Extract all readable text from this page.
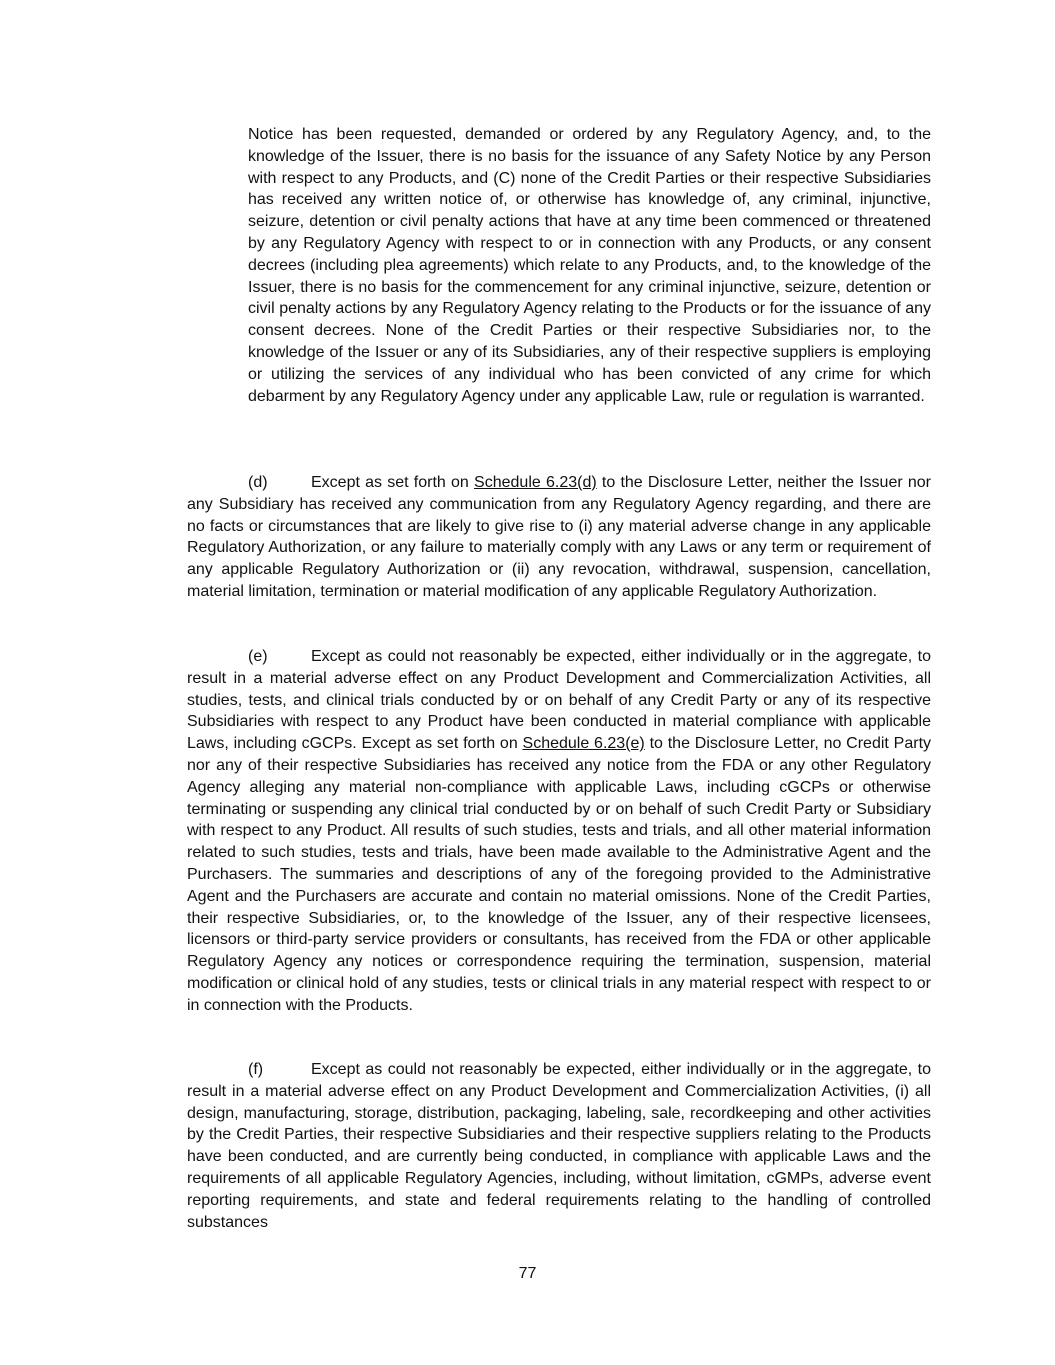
Notice has been requested, demanded or ordered by any Regulatory Agency, and, to the knowledge of the Issuer, there is no basis for the issuance of any Safety Notice by any Person with respect to any Products, and (C) none of the Credit Parties or their respective Subsidiaries has received any written notice of, or otherwise has knowledge of, any criminal, injunctive, seizure, detention or civil penalty actions that have at any time been commenced or threatened by any Regulatory Agency with respect to or in connection with any Products, or any consent decrees (including plea agreements) which relate to any Products, and, to the knowledge of the Issuer, there is no basis for the commencement for any criminal injunctive, seizure, detention or civil penalty actions by any Regulatory Agency relating to the Products or for the issuance of any consent decrees. None of the Credit Parties or their respective Subsidiaries nor, to the knowledge of the Issuer or any of its Subsidiaries, any of their respective suppliers is employing or utilizing the services of any individual who has been convicted of any crime for which debarment by any Regulatory Agency under any applicable Law, rule or regulation is warranted.

(d)	Except as set forth on Schedule 6.23(d) to the Disclosure Letter, neither the Issuer nor any Subsidiary has received any communication from any Regulatory Agency regarding, and there are no facts or circumstances that are likely to give rise to (i) any material adverse change in any applicable Regulatory Authorization, or any failure to materially comply with any Laws or any term or requirement of any applicable Regulatory Authorization or (ii) any revocation, withdrawal, suspension, cancellation, material limitation, termination or material modification of any applicable Regulatory Authorization.

(e)	Except as could not reasonably be expected, either individually or in the aggregate, to result in a material adverse effect on any Product Development and Commercialization Activities, all studies, tests, and clinical trials conducted by or on behalf of any Credit Party or any of its respective Subsidiaries with respect to any Product have been conducted in material compliance with applicable Laws, including cGCPs. Except as set forth on Schedule 6.23(e) to the Disclosure Letter, no Credit Party nor any of their respective Subsidiaries has received any notice from the FDA or any other Regulatory Agency alleging any material non-compliance with applicable Laws, including cGCPs or otherwise terminating or suspending any clinical trial conducted by or on behalf of such Credit Party or Subsidiary with respect to any Product. All results of such studies, tests and trials, and all other material information related to such studies, tests and trials, have been made available to the Administrative Agent and the Purchasers. The summaries and descriptions of any of the foregoing provided to the Administrative Agent and the Purchasers are accurate and contain no material omissions. None of the Credit Parties, their respective Subsidiaries, or, to the knowledge of the Issuer, any of their respective licensees, licensors or third-party service providers or consultants, has received from the FDA or other applicable Regulatory Agency any notices or correspondence requiring the termination, suspension, material modification or clinical hold of any studies, tests or clinical trials in any material respect with respect to or in connection with the Products.

(f)	Except as could not reasonably be expected, either individually or in the aggregate, to result in a material adverse effect on any Product Development and Commercialization Activities, (i) all design, manufacturing, storage, distribution, packaging, labeling, sale, recordkeeping and other activities by the Credit Parties, their respective Subsidiaries and their respective suppliers relating to the Products have been conducted, and are currently being conducted, in compliance with applicable Laws and the requirements of all applicable Regulatory Agencies, including, without limitation, cGMPs, adverse event reporting requirements, and state and federal requirements relating to the handling of controlled substances

77
